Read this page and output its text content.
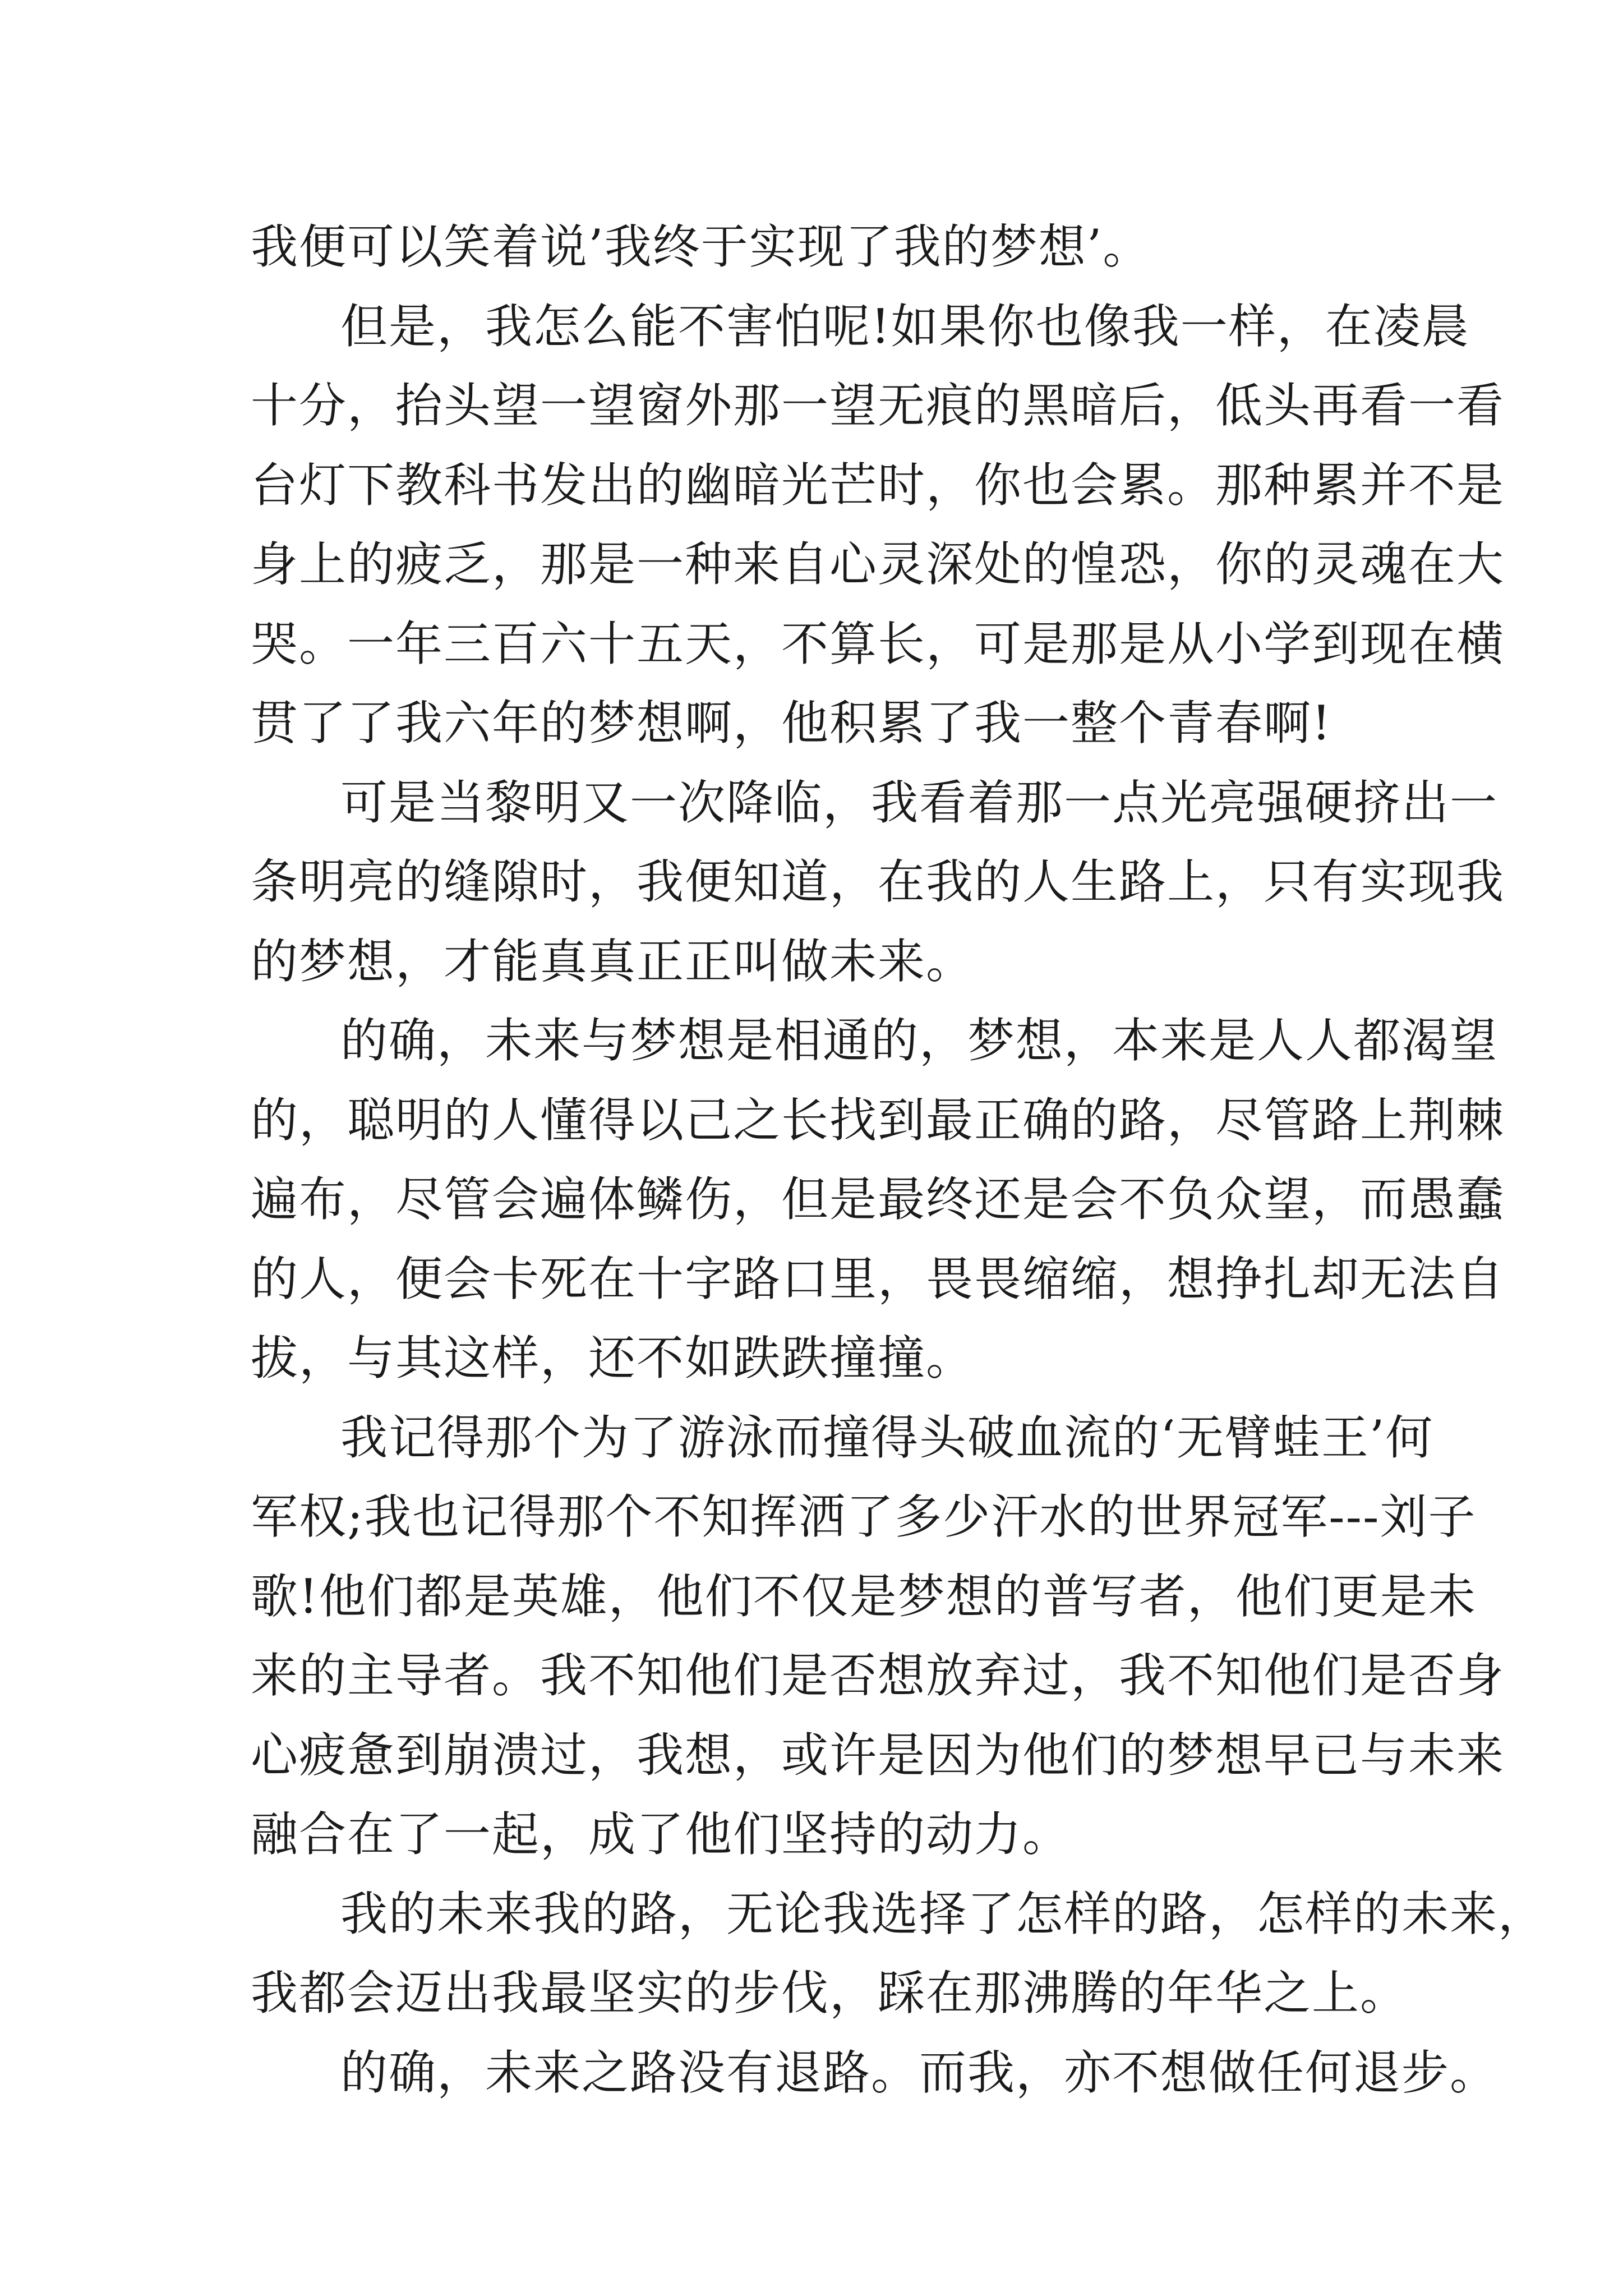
我便可以笑着说’我终于实现了我的梦想’。
但是，我怎么能不害怕呢!如果你也像我一样，在凌晨
十分，抬头望一望窗外那一望无痕的黑暗后，低头再看一看
台灯下教科书发出的幽暗光芒时，你也会累。那种累并不是
身上的疲乏，那是一种来自心灵深处的惶恐，你的灵魂在大
哭。一年三百六十五天，不算长，可是那是从小学到现在横
贯了了我六年的梦想啊，他积累了我一整个青春啊!
可是当黎明又一次降临，我看着那一点光亮强硬挤出一
条明亮的缝隙时，我便知道，在我的人生路上，只有实现我
的梦想，才能真真正正叫做未来。
的确，未来与梦想是相通的，梦想，本来是人人都渴望
的，聪明的人懂得以己之长找到最正确的路，尽管路上荆棘
遍布，尽管会遍体鳞伤，但是最终还是会不负众望，而愚蠢
的人，便会卡死在十字路口里，畏畏缩缩，想挣扎却无法自
拔，与其这样，还不如跌跌撞撞。
我记得那个为了游泳而撞得头破血流的‘无臂蛙王’何
军权;我也记得那个不知挥洒了多少汗水的世界冠军---刘子
歌!他们都是英雄，他们不仅是梦想的普写者，他们更是未
来的主导者。我不知他们是否想放弃过，我不知他们是否身
心疲惫到崩溃过，我想，或许是因为他们的梦想早已与未来
融合在了一起，成了他们坚持的动力。
我的未来我的路，无论我选择了怎样的路，怎样的未来，
我都会迈出我最坚实的步伐，踩在那沸腾的年华之上。
的确，未来之路没有退路。而我，亦不想做任何退步。
